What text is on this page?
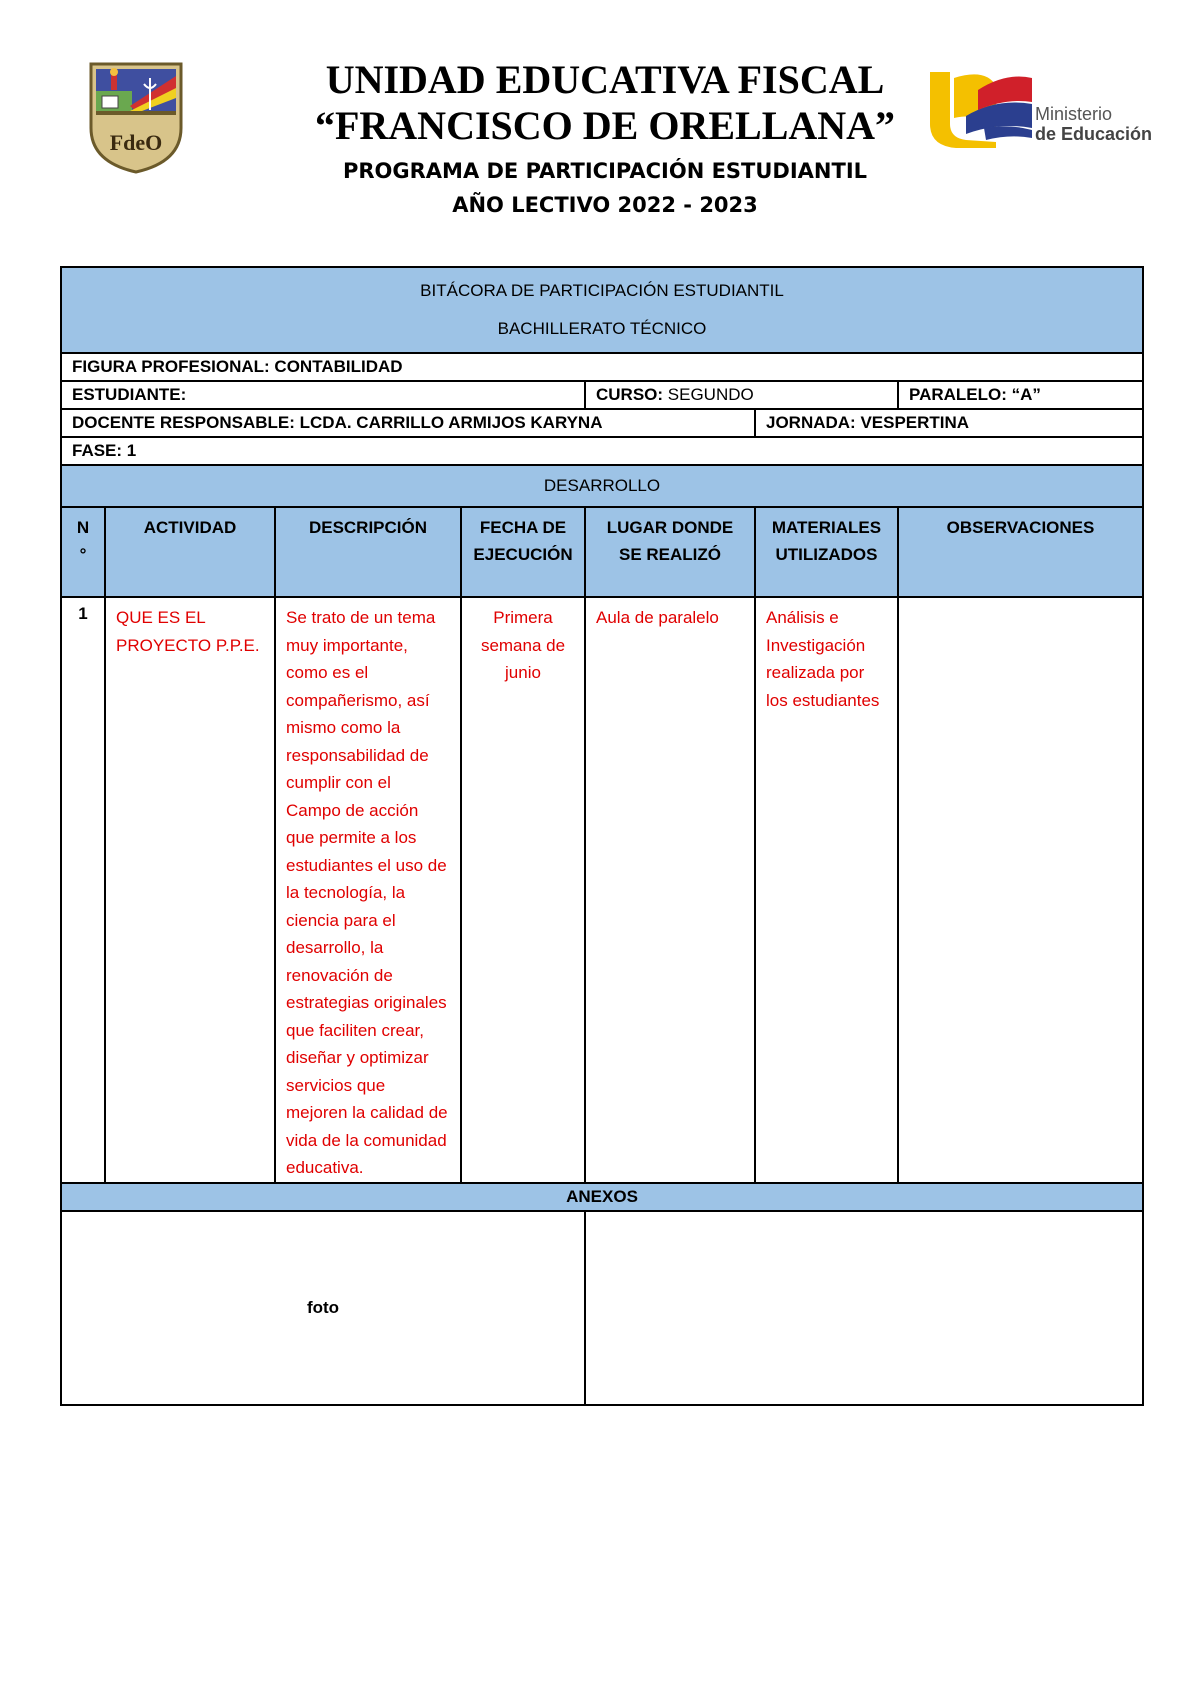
FdeO
UNIDAD EDUCATIVA FISCAL
“FRANCISCO DE ORELLANA”
PROGRAMA DE PARTICIPACIÓN ESTUDIANTIL
AÑO LECTIVO 2022 - 2023
Ministerio
de Educación
BITÁCORA DE PARTICIPACIÓN ESTUDIANTIL
BACHILLERATO TÉCNICO						

FIGURA PROFESIONAL: CONTABILIDAD						
ESTUDIANTE:				CURSO: SEGUNDO		PARALELO: “A”
DOCENTE RESPONSABLE: LCDA. CARRILLO ARMIJOS KARYNA					JORNADA: VESPERTINA	
FASE: 1						
DESARROLLO						
N °	ACTIVIDAD	DESCRIPCIÓN	FECHA DE EJECUCIÓN	LUGAR DONDE SE REALIZÓ	MATERIALES UTILIZADOS	OBSERVACIONES
1	QUE ES EL PROYECTO P.P.E.	Se trato de un tema muy importante, como es el compañerismo, así mismo como la responsabilidad de cumplir con el Campo de acción que permite a los estudiantes el uso de la tecnología, la ciencia para el desarrollo, la renovación de estrategias originales que faciliten crear, diseñar y optimizar servicios que mejoren la calidad de vida de la comunidad educativa.	Primera semana de junio	Aula de paralelo	Análisis e Investigación realizada por los estudiantes	
ANEXOS						
foto						
